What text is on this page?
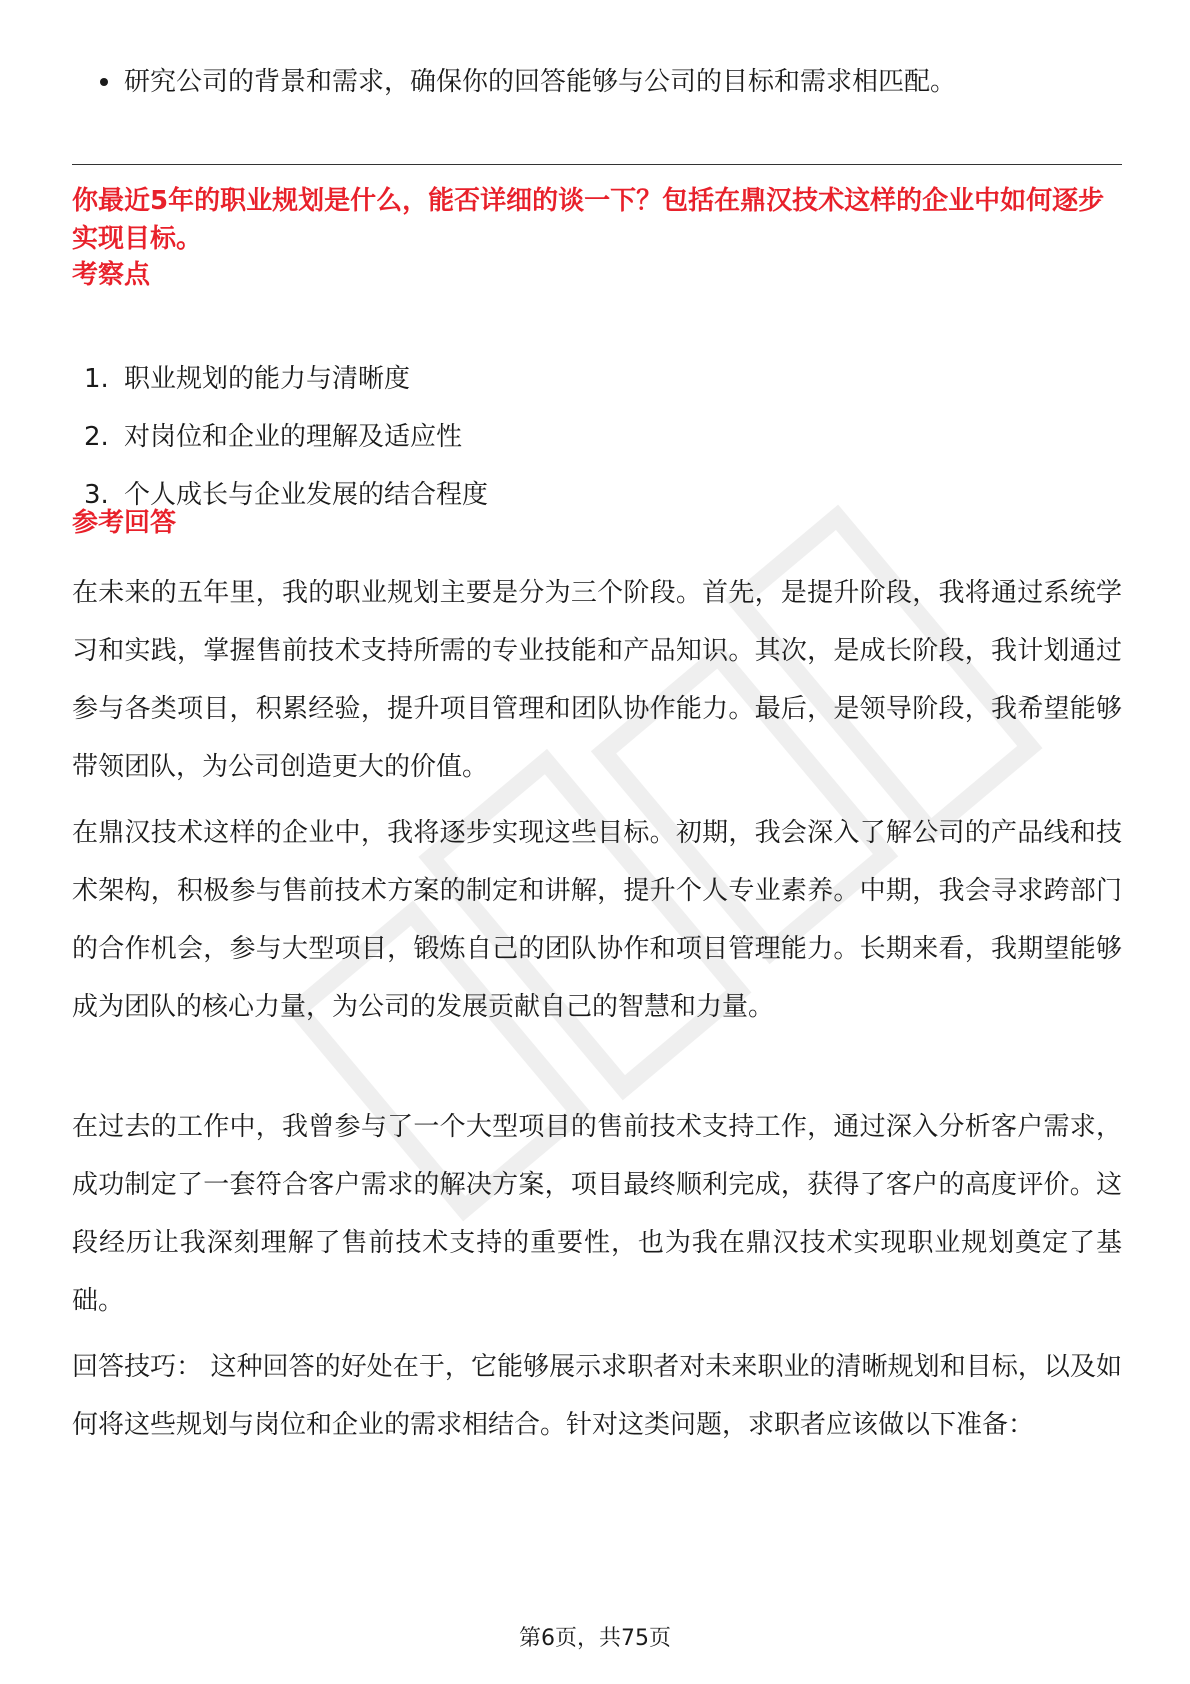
研究公司的背景和需求，确保你的回答能够与公司的目标和需求相匹配。
你最近5年的职业规划是什么，能否详细的谈一下？包括在鼎汉技术这样的企业中如何逐步实现目标。
考察点
1. 职业规划的能力与清晰度
2. 对岗位和企业的理解及适应性
3. 个人成长与企业发展的结合程度
参考回答
在未来的五年里，我的职业规划主要是分为三个阶段。首先，是提升阶段，我将通过系统学习和实践，掌握售前技术支持所需的专业技能和产品知识。其次，是成长阶段，我计划通过参与各类项目，积累经验，提升项目管理和团队协作能力。最后，是领导阶段，我希望能够带领团队，为公司创造更大的价值。
在鼎汉技术这样的企业中，我将逐步实现这些目标。初期，我会深入了解公司的产品线和技术架构，积极参与售前技术方案的制定和讲解，提升个人专业素养。中期，我会寻求跨部门的合作机会，参与大型项目，锻炼自己的团队协作和项目管理能力。长期来看，我期望能够成为团队的核心力量，为公司的发展贡献自己的智慧和力量。
在过去的工作中，我曾参与了一个大型项目的售前技术支持工作，通过深入分析客户需求，成功制定了一套符合客户需求的解决方案，项目最终顺利完成，获得了客户的高度评价。这段经历让我深刻理解了售前技术支持的重要性，也为我在鼎汉技术实现职业规划奠定了基础。
回答技巧： 这种回答的好处在于，它能够展示求职者对未来职业的清晰规划和目标，以及如何将这些规划与岗位和企业的需求相结合。针对这类问题，求职者应该做以下准备：
第6页，共75页
